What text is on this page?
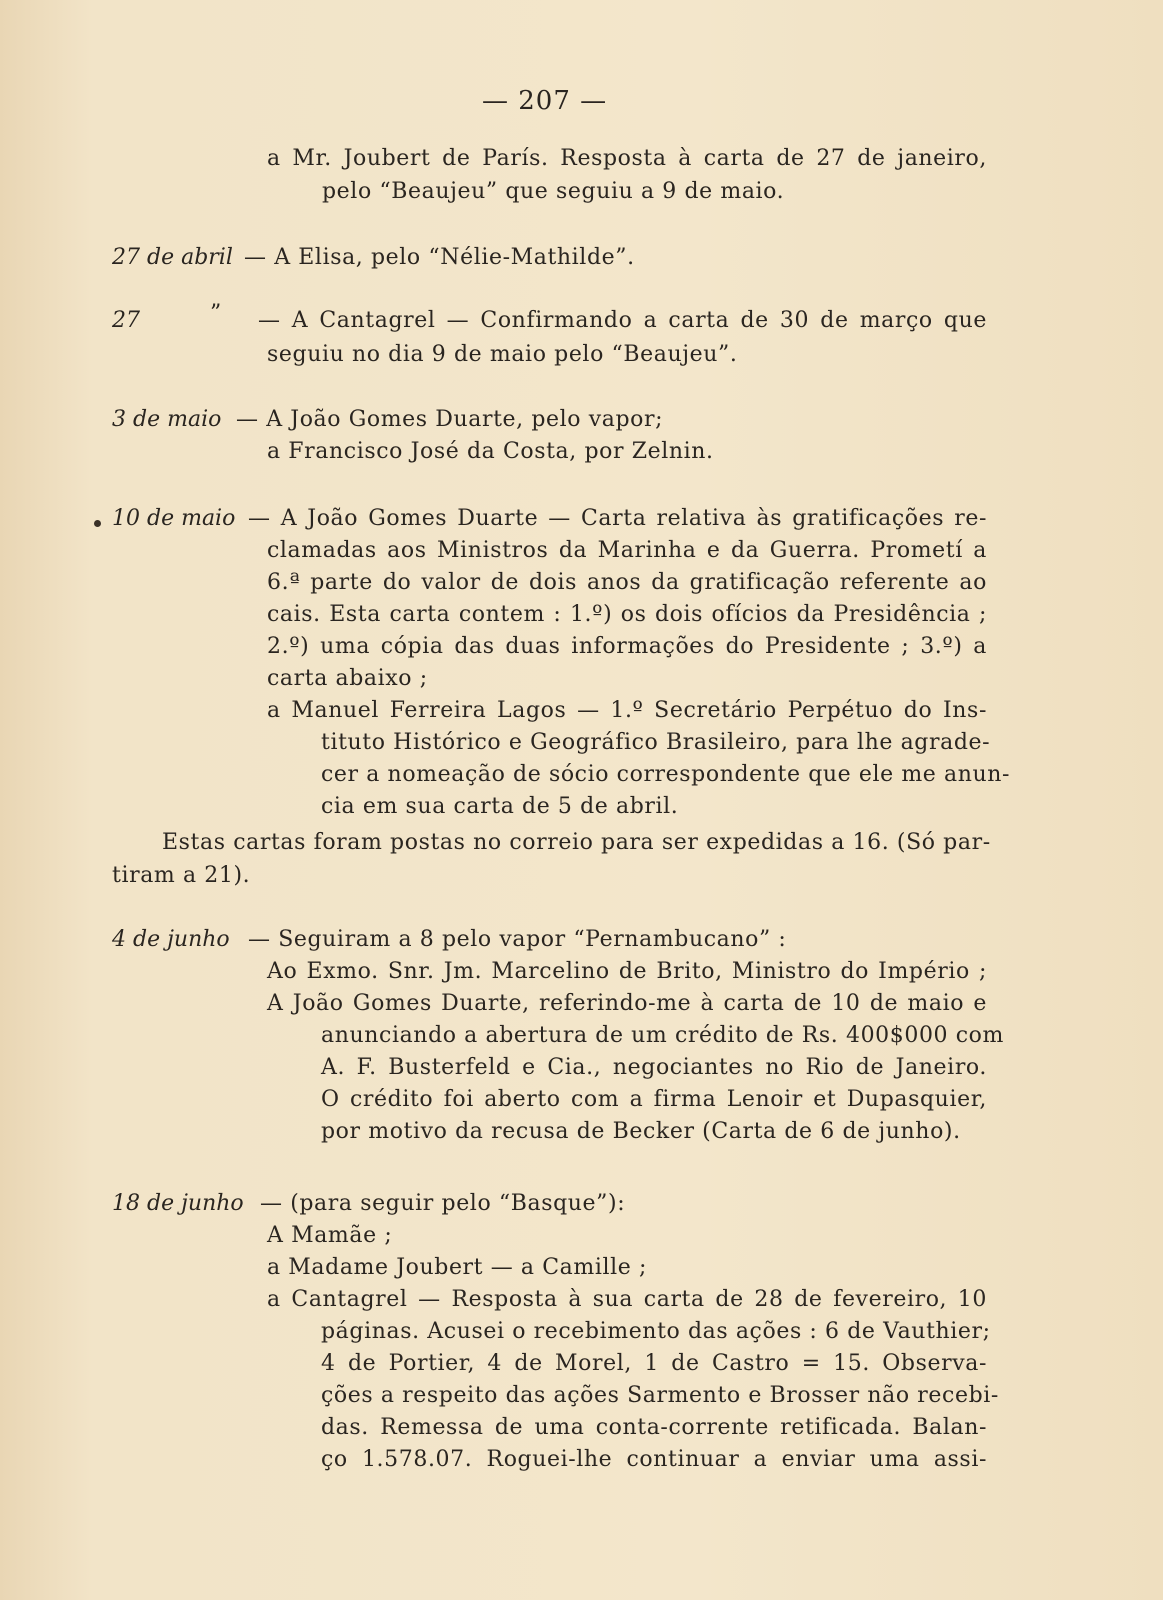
— 207 —
a Mr. Joubert de París. Resposta à carta de 27 de janeiro,
pelo “Beaujeu” que seguiu a 9 de maio.
27 de abril — A Elisa, pelo “Nélie-Mathilde”.
27	” — A Cantagrel — Confirmando a carta de 30 de março que
seguiu no dia 9 de maio pelo “Beaujeu”.
3 de maio — A João Gomes Duarte, pelo vapor;
a Francisco José da Costa, por Zelnin.
10 de maio — A João Gomes Duarte — Carta relativa às gratificações re-
clamadas aos Ministros da Marinha e da Guerra. Prometí a
6.ª parte do valor de dois anos da gratificação referente ao
cais. Esta carta contem : 1.º) os dois ofícios da Presidência ;
2.º) uma cópia das duas informações do Presidente ; 3.º) a
carta abaixo ;
a Manuel Ferreira Lagos — 1.º Secretário Perpétuo do Ins-
tituto Histórico e Geográfico Brasileiro, para lhe agrade-
cer a nomeação de sócio correspondente que ele me anun-
cia em sua carta de 5 de abril.
Estas cartas foram postas no correio para ser expedidas a 16. (Só par-
tiram a 21).
4 de junho — Seguiram a 8 pelo vapor “Pernambucano” :
Ao Exmo. Snr. Jm. Marcelino de Brito, Ministro do Império ;
A João Gomes Duarte, referindo-me à carta de 10 de maio e
anunciando a abertura de um crédito de Rs. 400$000 com
A. F. Busterfeld e Cia., negociantes no Rio de Janeiro.
O crédito foi aberto com a firma Lenoir et Dupasquier,
por motivo da recusa de Becker (Carta de 6 de junho).
18 de junho — (para seguir pelo “Basque”):
A Mamãe ;
a Madame Joubert — a Camille ;
a Cantagrel — Resposta à sua carta de 28 de fevereiro, 10
páginas. Acusei o recebimento das ações : 6 de Vauthier;
4 de Portier, 4 de Morel, 1 de Castro = 15. Observa-
ções a respeito das ações Sarmento e Brosser não recebi-
das. Remessa de uma conta-corrente retificada. Balan-
ço 1.578.07. Roguei-lhe continuar a enviar uma assi-
